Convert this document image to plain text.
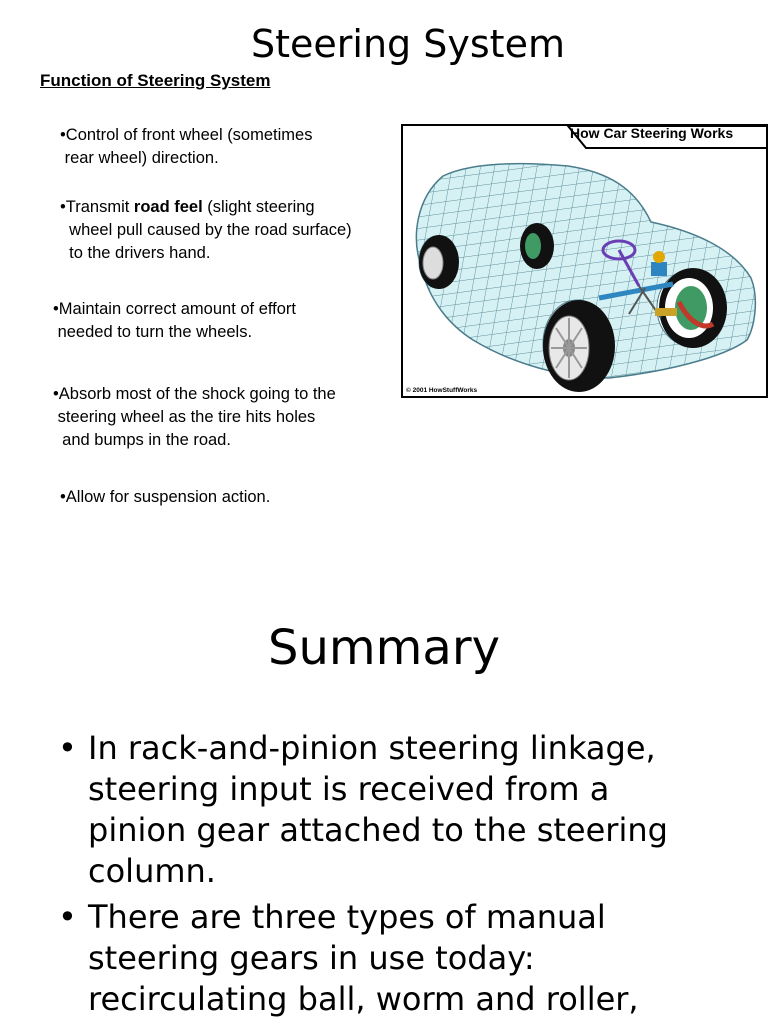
Steering System
Function of Steering System
•Control of front wheel (sometimes
rear wheel) direction.
•Transmit road feel (slight steering
wheel pull caused by the road surface)
to the drivers hand.
•Maintain correct amount of effort
needed to turn the wheels.
•Absorb most of the shock going to the
steering wheel as the tire hits holes
and bumps in the road.
•Allow for suspension action.
How Car Steering Works
© 2001 HowStuffWorks
Summary
• In rack-and-pinion steering linkage,
steering input is received from a
pinion gear attached to the steering
column.
• There are three types of manual
steering gears in use today:
recirculating ball, worm and roller,
